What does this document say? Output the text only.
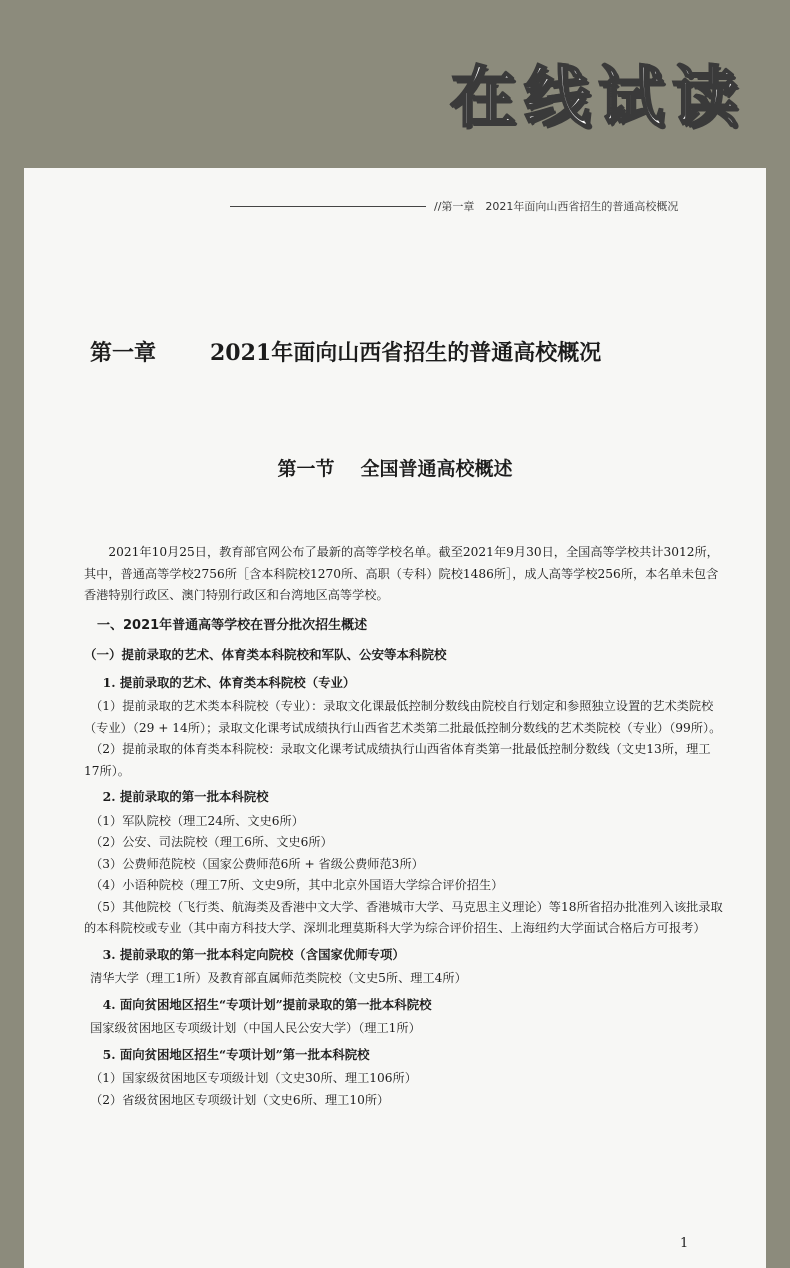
在线试读
//第一章　2021年面向山西省招生的普通高校概况
第一章 2021年面向山西省招生的普通高校概况
第一节 全国普通高校概述
2021年10月25日，教育部官网公布了最新的高等学校名单。截至2021年9月30日，全国高等学校共计3012所，其中，普通高等学校2756所［含本科院校1270所、高职（专科）院校1486所］，成人高等学校256所，本名单未包含香港特别行政区、澳门特别行政区和台湾地区高等学校。
一、2021年普通高等学校在晋分批次招生概述
（一）提前录取的艺术、体育类本科院校和军队、公安等本科院校
1. 提前录取的艺术、体育类本科院校（专业）
（1）提前录取的艺术类本科院校（专业）：录取文化课最低控制分数线由院校自行划定和参照独立设置的艺术类院校（专业）（29 + 14所）；录取文化课考试成绩执行山西省艺术类第二批最低控制分数线的艺术类院校（专业）（99所）。
（2）提前录取的体育类本科院校：录取文化课考试成绩执行山西省体育类第一批最低控制分数线（文史13所，理工17所）。
2. 提前录取的第一批本科院校
（1）军队院校（理工24所、文史6所）
（2）公安、司法院校（理工6所、文史6所）
（3）公费师范院校（国家公费师范6所 + 省级公费师范3所）
（4）小语种院校（理工7所、文史9所，其中北京外国语大学综合评价招生）
（5）其他院校（飞行类、航海类及香港中文大学、香港城市大学、马克思主义理论）等18所省招办批准列入该批录取的本科院校或专业（其中南方科技大学、深圳北理莫斯科大学为综合评价招生、上海纽约大学面试合格后方可报考）
3. 提前录取的第一批本科定向院校（含国家优师专项）
清华大学（理工1所）及教育部直属师范类院校（文史5所、理工4所）
4. 面向贫困地区招生“专项计划”提前录取的第一批本科院校
国家级贫困地区专项级计划（中国人民公安大学）（理工1所）
5. 面向贫困地区招生“专项计划”第一批本科院校
（1）国家级贫困地区专项级计划（文史30所、理工106所）
（2）省级贫困地区专项级计划（文史6所、理工10所）
1
